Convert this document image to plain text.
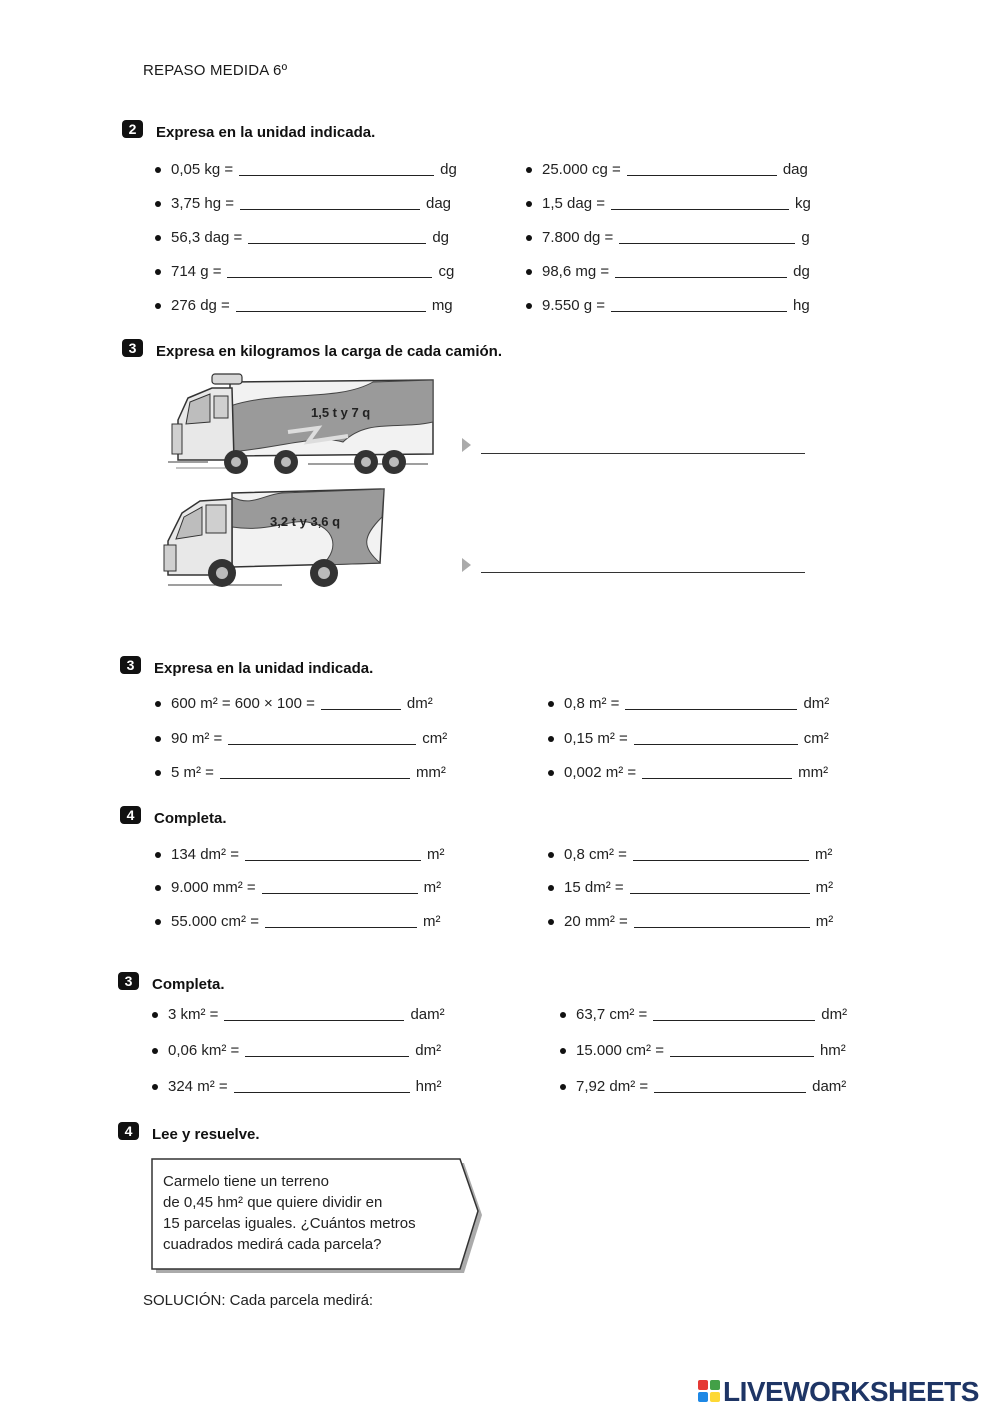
REPASO MEDIDA 6º
2	Expresa en la unidad indicada.
0,05 kg =	dg
3,75 hg =	dag
56,3 dag =	dg
714 g =	cg
276 dg =	mg
25.000 cg =	dag
1,5 dag =	kg
7.800 dg =	g
98,6 mg =	dg
9.550 g =	hg
3	Expresa en kilogramos la carga de cada camión.
1,5 t y 7 q
3,2 t y 3,6 q
3	Expresa en la unidad indicada.
600 m² = 600 × 100 =	dm²
90 m² =	cm²
5 m² =	mm²
0,8 m² =	dm²
0,15 m² =	cm²
0,002 m² =	mm²
4	Completa.
134 dm² =	m²
9.000 mm² =	m²
55.000 cm² =	m²
0,8 cm² =	m²
15 dm² =	m²
20 mm² =	m²
3	Completa.
3 km² =	dam²
0,06 km² =	dm²
324 m² =	hm²
63,7 cm² =	dm²
15.000 cm² =	hm²
7,92 dm² =	dam²
4	Lee y resuelve.
Carmelo tiene un terreno
de 0,45 hm² que quiere dividir en
15 parcelas iguales. ¿Cuántos metros
cuadrados medirá cada parcela?
SOLUCIÓN: Cada parcela medirá:
LIVEWORKSHEETS
